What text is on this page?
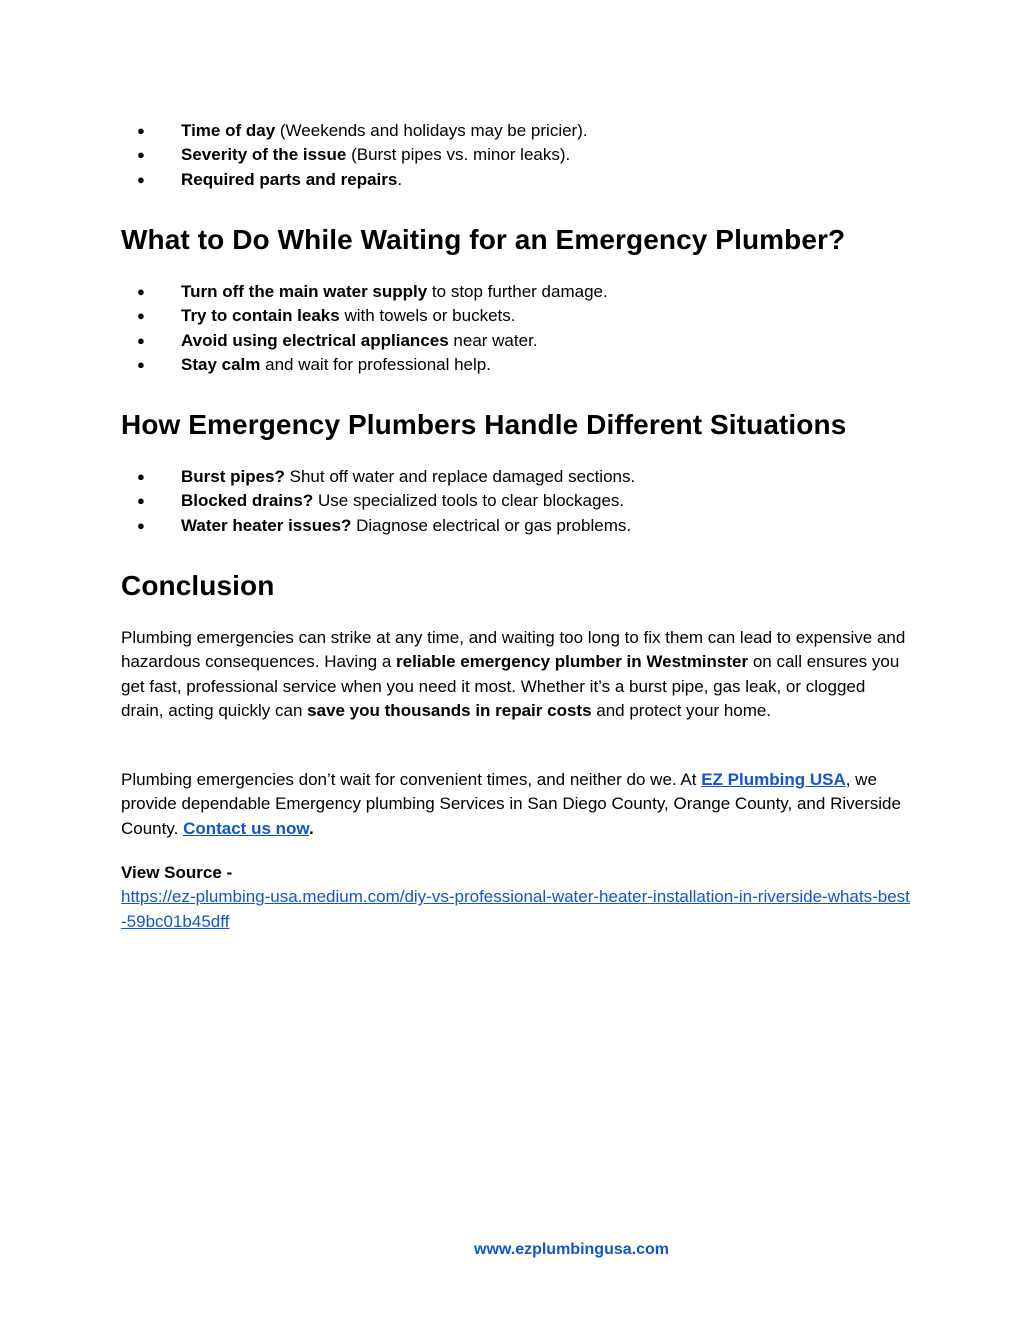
● Time of day (Weekends and holidays may be pricier).
● Severity of the issue (Burst pipes vs. minor leaks).
● Required parts and repairs.
What to Do While Waiting for an Emergency Plumber?
● Turn off the main water supply to stop further damage.
● Try to contain leaks with towels or buckets.
● Avoid using electrical appliances near water.
● Stay calm and wait for professional help.
How Emergency Plumbers Handle Different Situations
● Burst pipes? Shut off water and replace damaged sections.
● Blocked drains? Use specialized tools to clear blockages.
● Water heater issues? Diagnose electrical or gas problems.
Conclusion

Plumbing emergencies can strike at any time, and waiting too long to fix them can lead to expensive and hazardous consequences. Having a reliable emergency plumber in Westminster on call ensures you get fast, professional service when you need it most. Whether it’s a burst pipe, gas leak, or clogged drain, acting quickly can save you thousands in repair costs and protect your home.

Plumbing emergencies don’t wait for convenient times, and neither do we. At EZ Plumbing USA, we provide dependable Emergency plumbing Services in San Diego County, Orange County, and Riverside County. Contact us now.

View Source -
https://ez-plumbing-usa.medium.com/diy-vs-professional-water-heater-installation-in-riverside-whats-best-59bc01b45dff

www.ezplumbingusa.com
